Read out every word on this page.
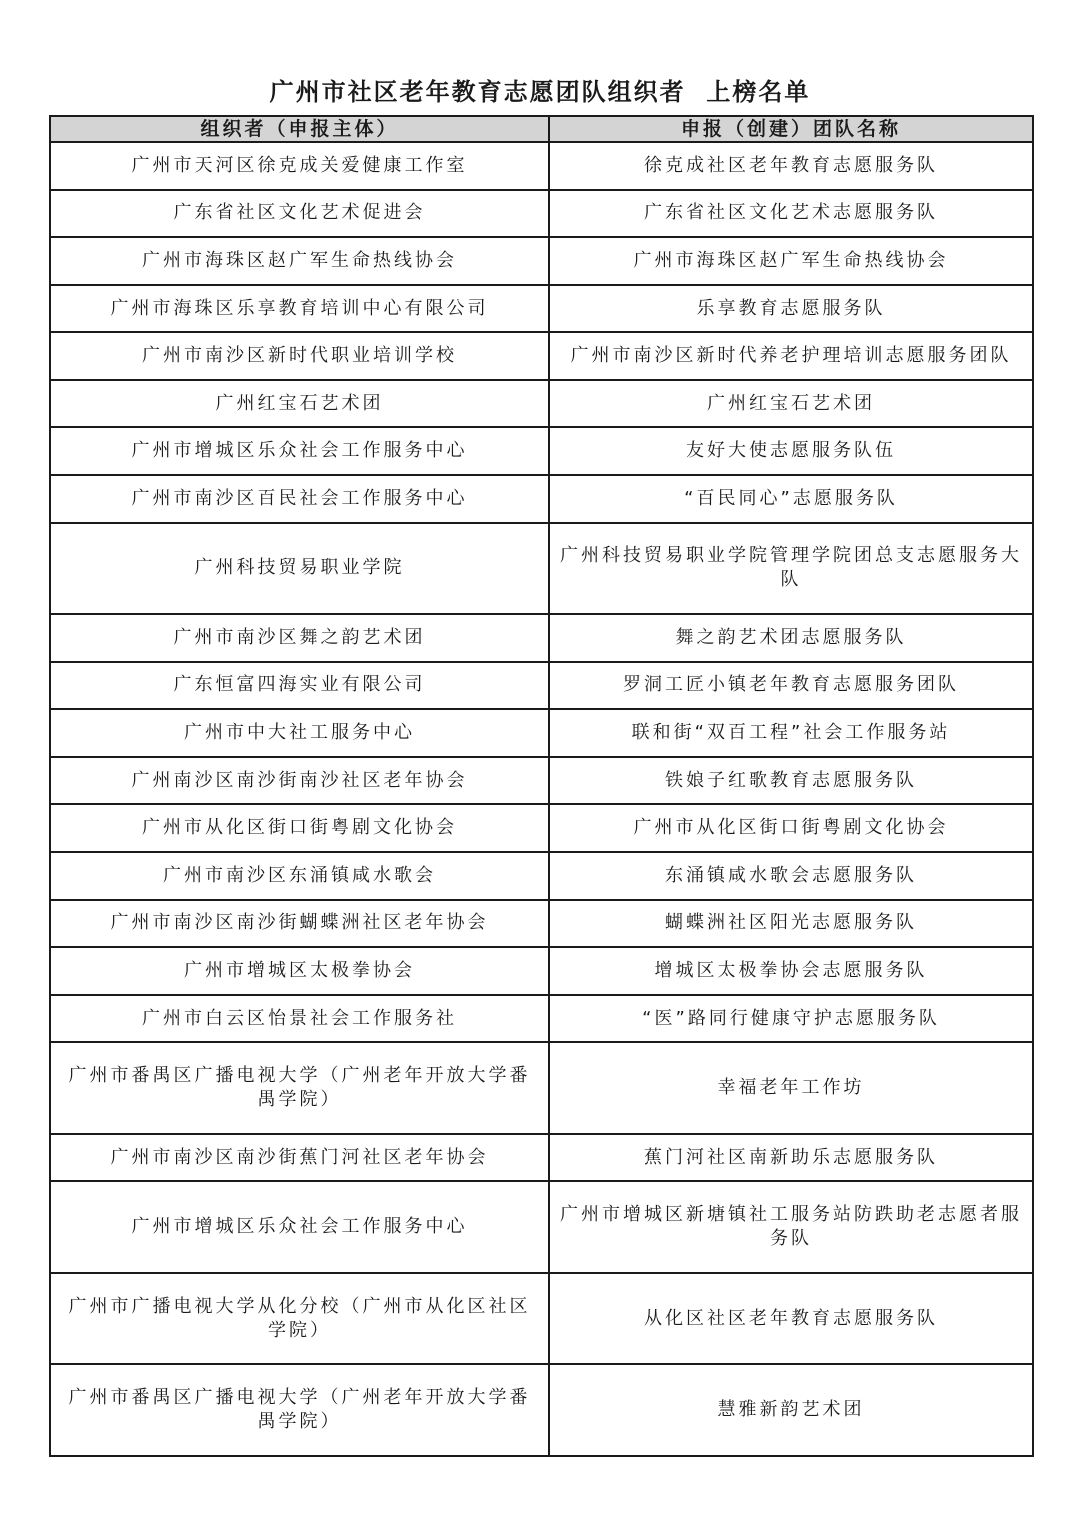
广州市社区老年教育志愿团队组织者  上榜名单
组织者（申报主体）	申报（创建）团队名称
广州市天河区徐克成关爱健康工作室	徐克成社区老年教育志愿服务队
广东省社区文化艺术促进会	广东省社区文化艺术志愿服务队
广州市海珠区赵广军生命热线协会	广州市海珠区赵广军生命热线协会
广州市海珠区乐享教育培训中心有限公司	乐享教育志愿服务队
广州市南沙区新时代职业培训学校	广州市南沙区新时代养老护理培训志愿服务团队
广州红宝石艺术团	广州红宝石艺术团
广州市增城区乐众社会工作服务中心	友好大使志愿服务队伍
广州市南沙区百民社会工作服务中心	“百民同心”志愿服务队
广州科技贸易职业学院	广州科技贸易职业学院管理学院团总支志愿服务大队
广州市南沙区舞之韵艺术团	舞之韵艺术团志愿服务队
广东恒富四海实业有限公司	罗洞工匠小镇老年教育志愿服务团队
广州市中大社工服务中心	联和街“双百工程”社会工作服务站
广州南沙区南沙街南沙社区老年协会	铁娘子红歌教育志愿服务队
广州市从化区街口街粤剧文化协会	广州市从化区街口街粤剧文化协会
广州市南沙区东涌镇咸水歌会	东涌镇咸水歌会志愿服务队
广州市南沙区南沙街蝴蝶洲社区老年协会	蝴蝶洲社区阳光志愿服务队
广州市增城区太极拳协会	增城区太极拳协会志愿服务队
广州市白云区怡景社会工作服务社	“医”路同行健康守护志愿服务队
广州市番禺区广播电视大学（广州老年开放大学番禺学院）	幸福老年工作坊
广州市南沙区南沙街蕉门河社区老年协会	蕉门河社区南新助乐志愿服务队
广州市增城区乐众社会工作服务中心	广州市增城区新塘镇社工服务站防跌助老志愿者服务队
广州市广播电视大学从化分校（广州市从化区社区学院）	从化区社区老年教育志愿服务队
广州市番禺区广播电视大学（广州老年开放大学番禺学院）	慧雅新韵艺术团
